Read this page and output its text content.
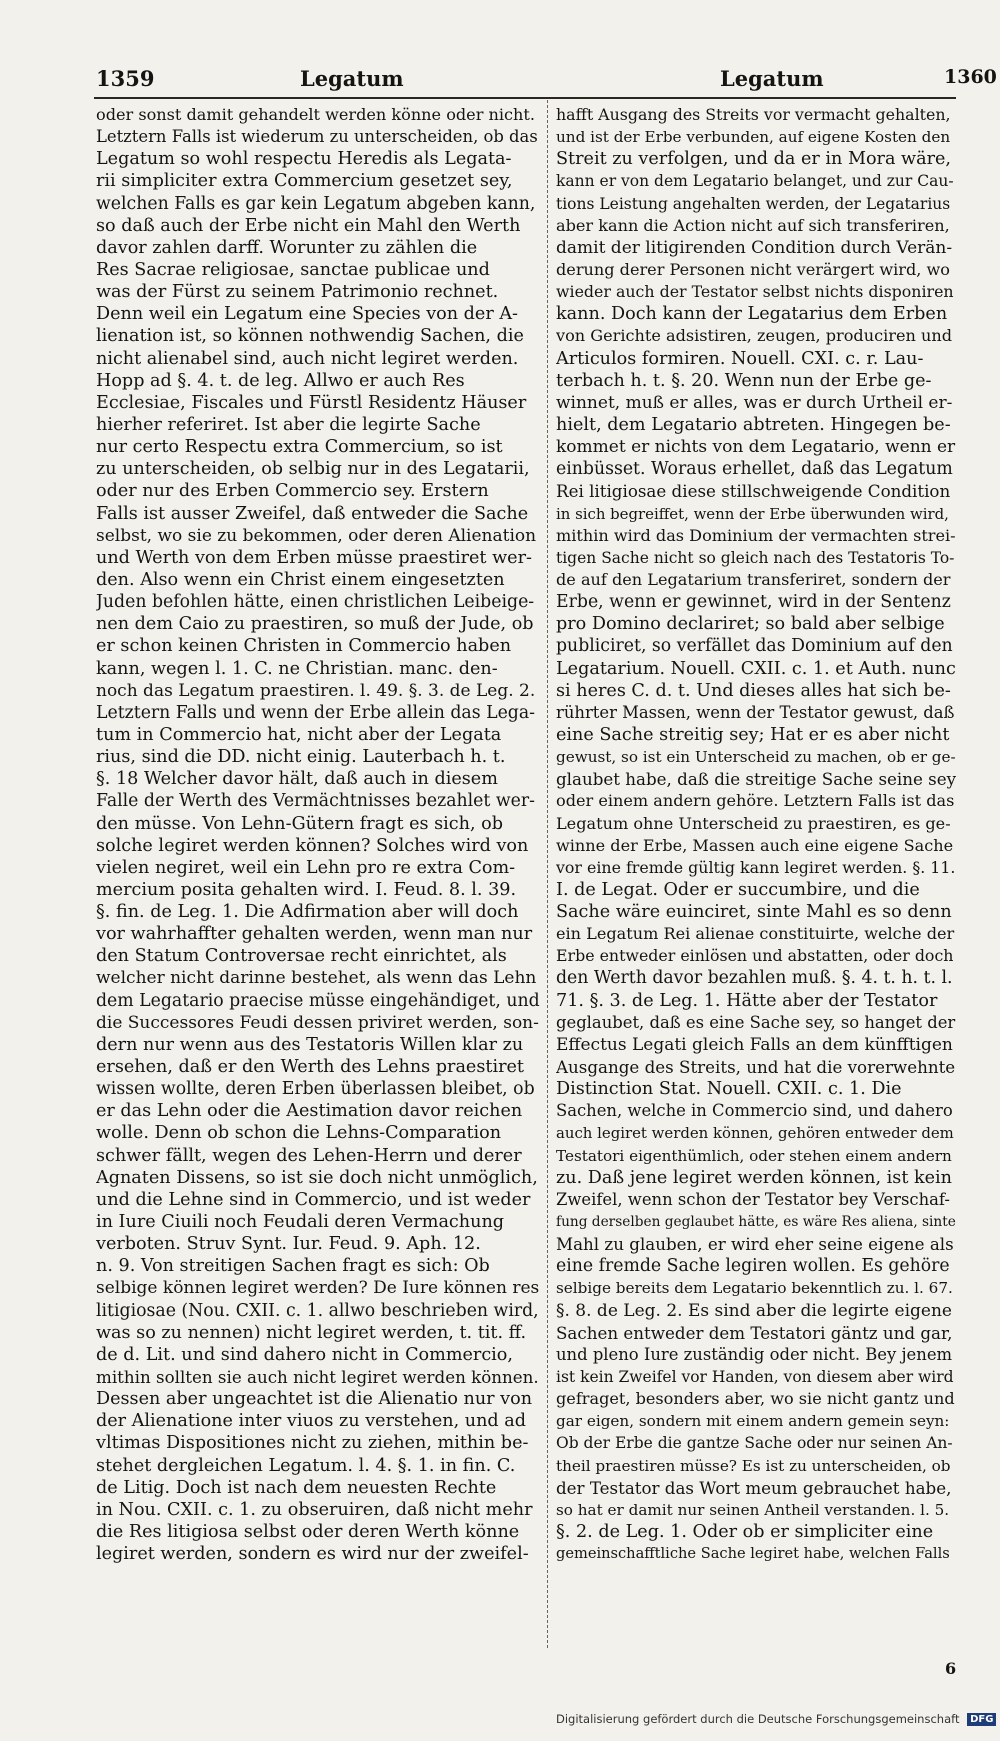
1359	Legatum	Legatum	1360
oder sonst damit gehandelt werden könne oder nicht.
Letztern Falls ist wiederum zu unterscheiden, ob das
Legatum so wohl respectu Heredis als Legata-
rii simpliciter extra Commercium gesetzet sey,
welchen Falls es gar kein Legatum abgeben kann,
so daß auch der Erbe nicht ein Mahl den Werth
davor zahlen darff. Worunter zu zählen die
Res Sacrae religiosae, sanctae publicae und
was der Fürst zu seinem Patrimonio rechnet.
Denn weil ein Legatum eine Species von der A-
lienation ist, so können nothwendig Sachen, die
nicht alienabel sind, auch nicht legiret werden.
Hopp ad §. 4. t. de leg. Allwo er auch Res
Ecclesiae, Fiscales und Fürstl Residentz Häuser
hierher referiret. Ist aber die legirte Sache
nur certo Respectu extra Commercium, so ist
zu unterscheiden, ob selbig nur in des Legatarii,
oder nur des Erben Commercio sey. Erstern
Falls ist ausser Zweifel, daß entweder die Sache
selbst, wo sie zu bekommen, oder deren Alienation
und Werth von dem Erben müsse praestiret wer-
den. Also wenn ein Christ einem eingesetzten
Juden befohlen hätte, einen christlichen Leibeige-
nen dem Caio zu praestiren, so muß der Jude, ob
er schon keinen Christen in Commercio haben
kann, wegen l. 1. C. ne Christian. manc. den-
noch das Legatum praestiren. l. 49. §. 3. de Leg. 2.
Letztern Falls und wenn der Erbe allein das Lega-
tum in Commercio hat, nicht aber der Legata
rius, sind die DD. nicht einig. Lauterbach h. t.
§. 18 Welcher davor hält, daß auch in diesem
Falle der Werth des Vermächtnisses bezahlet wer-
den müsse. Von Lehn-Gütern fragt es sich, ob
solche legiret werden können? Solches wird von
vielen negiret, weil ein Lehn pro re extra Com-
mercium posita gehalten wird. I. Feud. 8. l. 39.
§. fin. de Leg. 1. Die Adfirmation aber will doch
vor wahrhaffter gehalten werden, wenn man nur
den Statum Controversae recht einrichtet, als
welcher nicht darinne bestehet, als wenn das Lehn
dem Legatario praecise müsse eingehändiget, und
die Successores Feudi dessen priviret werden, son-
dern nur wenn aus des Testatoris Willen klar zu
ersehen, daß er den Werth des Lehns praestiret
wissen wollte, deren Erben überlassen bleibet, ob
er das Lehn oder die Aestimation davor reichen
wolle. Denn ob schon die Lehns-Comparation
schwer fällt, wegen des Lehen-Herrn und derer
Agnaten Dissens, so ist sie doch nicht unmöglich,
und die Lehne sind in Commercio, und ist weder
in Iure Ciuili noch Feudali deren Vermachung
verboten. Struv Synt. Iur. Feud. 9. Aph. 12.
n. 9. Von streitigen Sachen fragt es sich: Ob
selbige können legiret werden? De Iure können res
litigiosae (Nou. CXII. c. 1. allwo beschrieben wird,
was so zu nennen) nicht legiret werden, t. tit. ff.
de d. Lit. und sind dahero nicht in Commercio,
mithin sollten sie auch nicht legiret werden können.
Dessen aber ungeachtet ist die Alienatio nur von
der Alienatione inter viuos zu verstehen, und ad
vltimas Dispositiones nicht zu ziehen, mithin be-
stehet dergleichen Legatum. l. 4. §. 1. in fin. C.
de Litig. Doch ist nach dem neuesten Rechte
in Nou. CXII. c. 1. zu obseruiren, daß nicht mehr
die Res litigiosa selbst oder deren Werth könne
legiret werden, sondern es wird nur der zweifel-
hafft Ausgang des Streits vor vermacht gehalten,
und ist der Erbe verbunden, auf eigene Kosten den
Streit zu verfolgen, und da er in Mora wäre,
kann er von dem Legatario belanget, und zur Cau-
tions Leistung angehalten werden, der Legatarius
aber kann die Action nicht auf sich transferiren,
damit der litigirenden Condition durch Verän-
derung derer Personen nicht verärgert wird, wo
wieder auch der Testator selbst nichts disponiren
kann. Doch kann der Legatarius dem Erben
von Gerichte adsistiren, zeugen, produciren und
Articulos formiren. Nouell. CXI. c. r. Lau-
terbach h. t. §. 20. Wenn nun der Erbe ge-
winnet, muß er alles, was er durch Urtheil er-
hielt, dem Legatario abtreten. Hingegen be-
kommet er nichts von dem Legatario, wenn er
einbüsset. Woraus erhellet, daß das Legatum
Rei litigiosae diese stillschweigende Condition
in sich begreiffet, wenn der Erbe überwunden wird,
mithin wird das Dominium der vermachten strei-
tigen Sache nicht so gleich nach des Testatoris To-
de auf den Legatarium transferiret, sondern der
Erbe, wenn er gewinnet, wird in der Sentenz
pro Domino declariret; so bald aber selbige
publiciret, so verfället das Dominium auf den
Legatarium. Nouell. CXII. c. 1. et Auth. nunc
si heres C. d. t. Und dieses alles hat sich be-
rührter Massen, wenn der Testator gewust, daß
eine Sache streitig sey; Hat er es aber nicht
gewust, so ist ein Unterscheid zu machen, ob er ge-
glaubet habe, daß die streitige Sache seine sey
oder einem andern gehöre. Letztern Falls ist das
Legatum ohne Unterscheid zu praestiren, es ge-
winne der Erbe, Massen auch eine eigene Sache
vor eine fremde gültig kann legiret werden. §. 11.
I. de Legat. Oder er succumbire, und die
Sache wäre euinciret, sinte Mahl es so denn
ein Legatum Rei alienae constituirte, welche der
Erbe entweder einlösen und abstatten, oder doch
den Werth davor bezahlen muß. §. 4. t. h. t. l.
71. §. 3. de Leg. 1. Hätte aber der Testator
geglaubet, daß es eine Sache sey, so hanget der
Effectus Legati gleich Falls an dem künfftigen
Ausgange des Streits, und hat die vorerwehnte
Distinction Stat. Nouell. CXII. c. 1. Die
Sachen, welche in Commercio sind, und dahero
auch legiret werden können, gehören entweder dem
Testatori eigenthümlich, oder stehen einem andern
zu. Daß jene legiret werden können, ist kein
Zweifel, wenn schon der Testator bey Verschaf-
fung derselben geglaubet hätte, es wäre Res aliena, sinte
Mahl zu glauben, er wird eher seine eigene als
eine fremde Sache legiren wollen. Es gehöre
selbige bereits dem Legatario bekenntlich zu. l. 67.
§. 8. de Leg. 2. Es sind aber die legirte eigene
Sachen entweder dem Testatori gäntz und gar,
und pleno Iure zuständig oder nicht. Bey jenem
ist kein Zweifel vor Handen, von diesem aber wird
gefraget, besonders aber, wo sie nicht gantz und
gar eigen, sondern mit einem andern gemein seyn:
Ob der Erbe die gantze Sache oder nur seinen An-
theil praestiren müsse? Es ist zu unterscheiden, ob
der Testator das Wort meum gebrauchet habe,
so hat er damit nur seinen Antheil verstanden. l. 5.
§. 2. de Leg. 1. Oder ob er simpliciter eine
gemeinschafftliche Sache legiret habe, welchen Falls
6
Digitalisierung gefördert durch die Deutsche Forschungsgemeinschaft DFG
